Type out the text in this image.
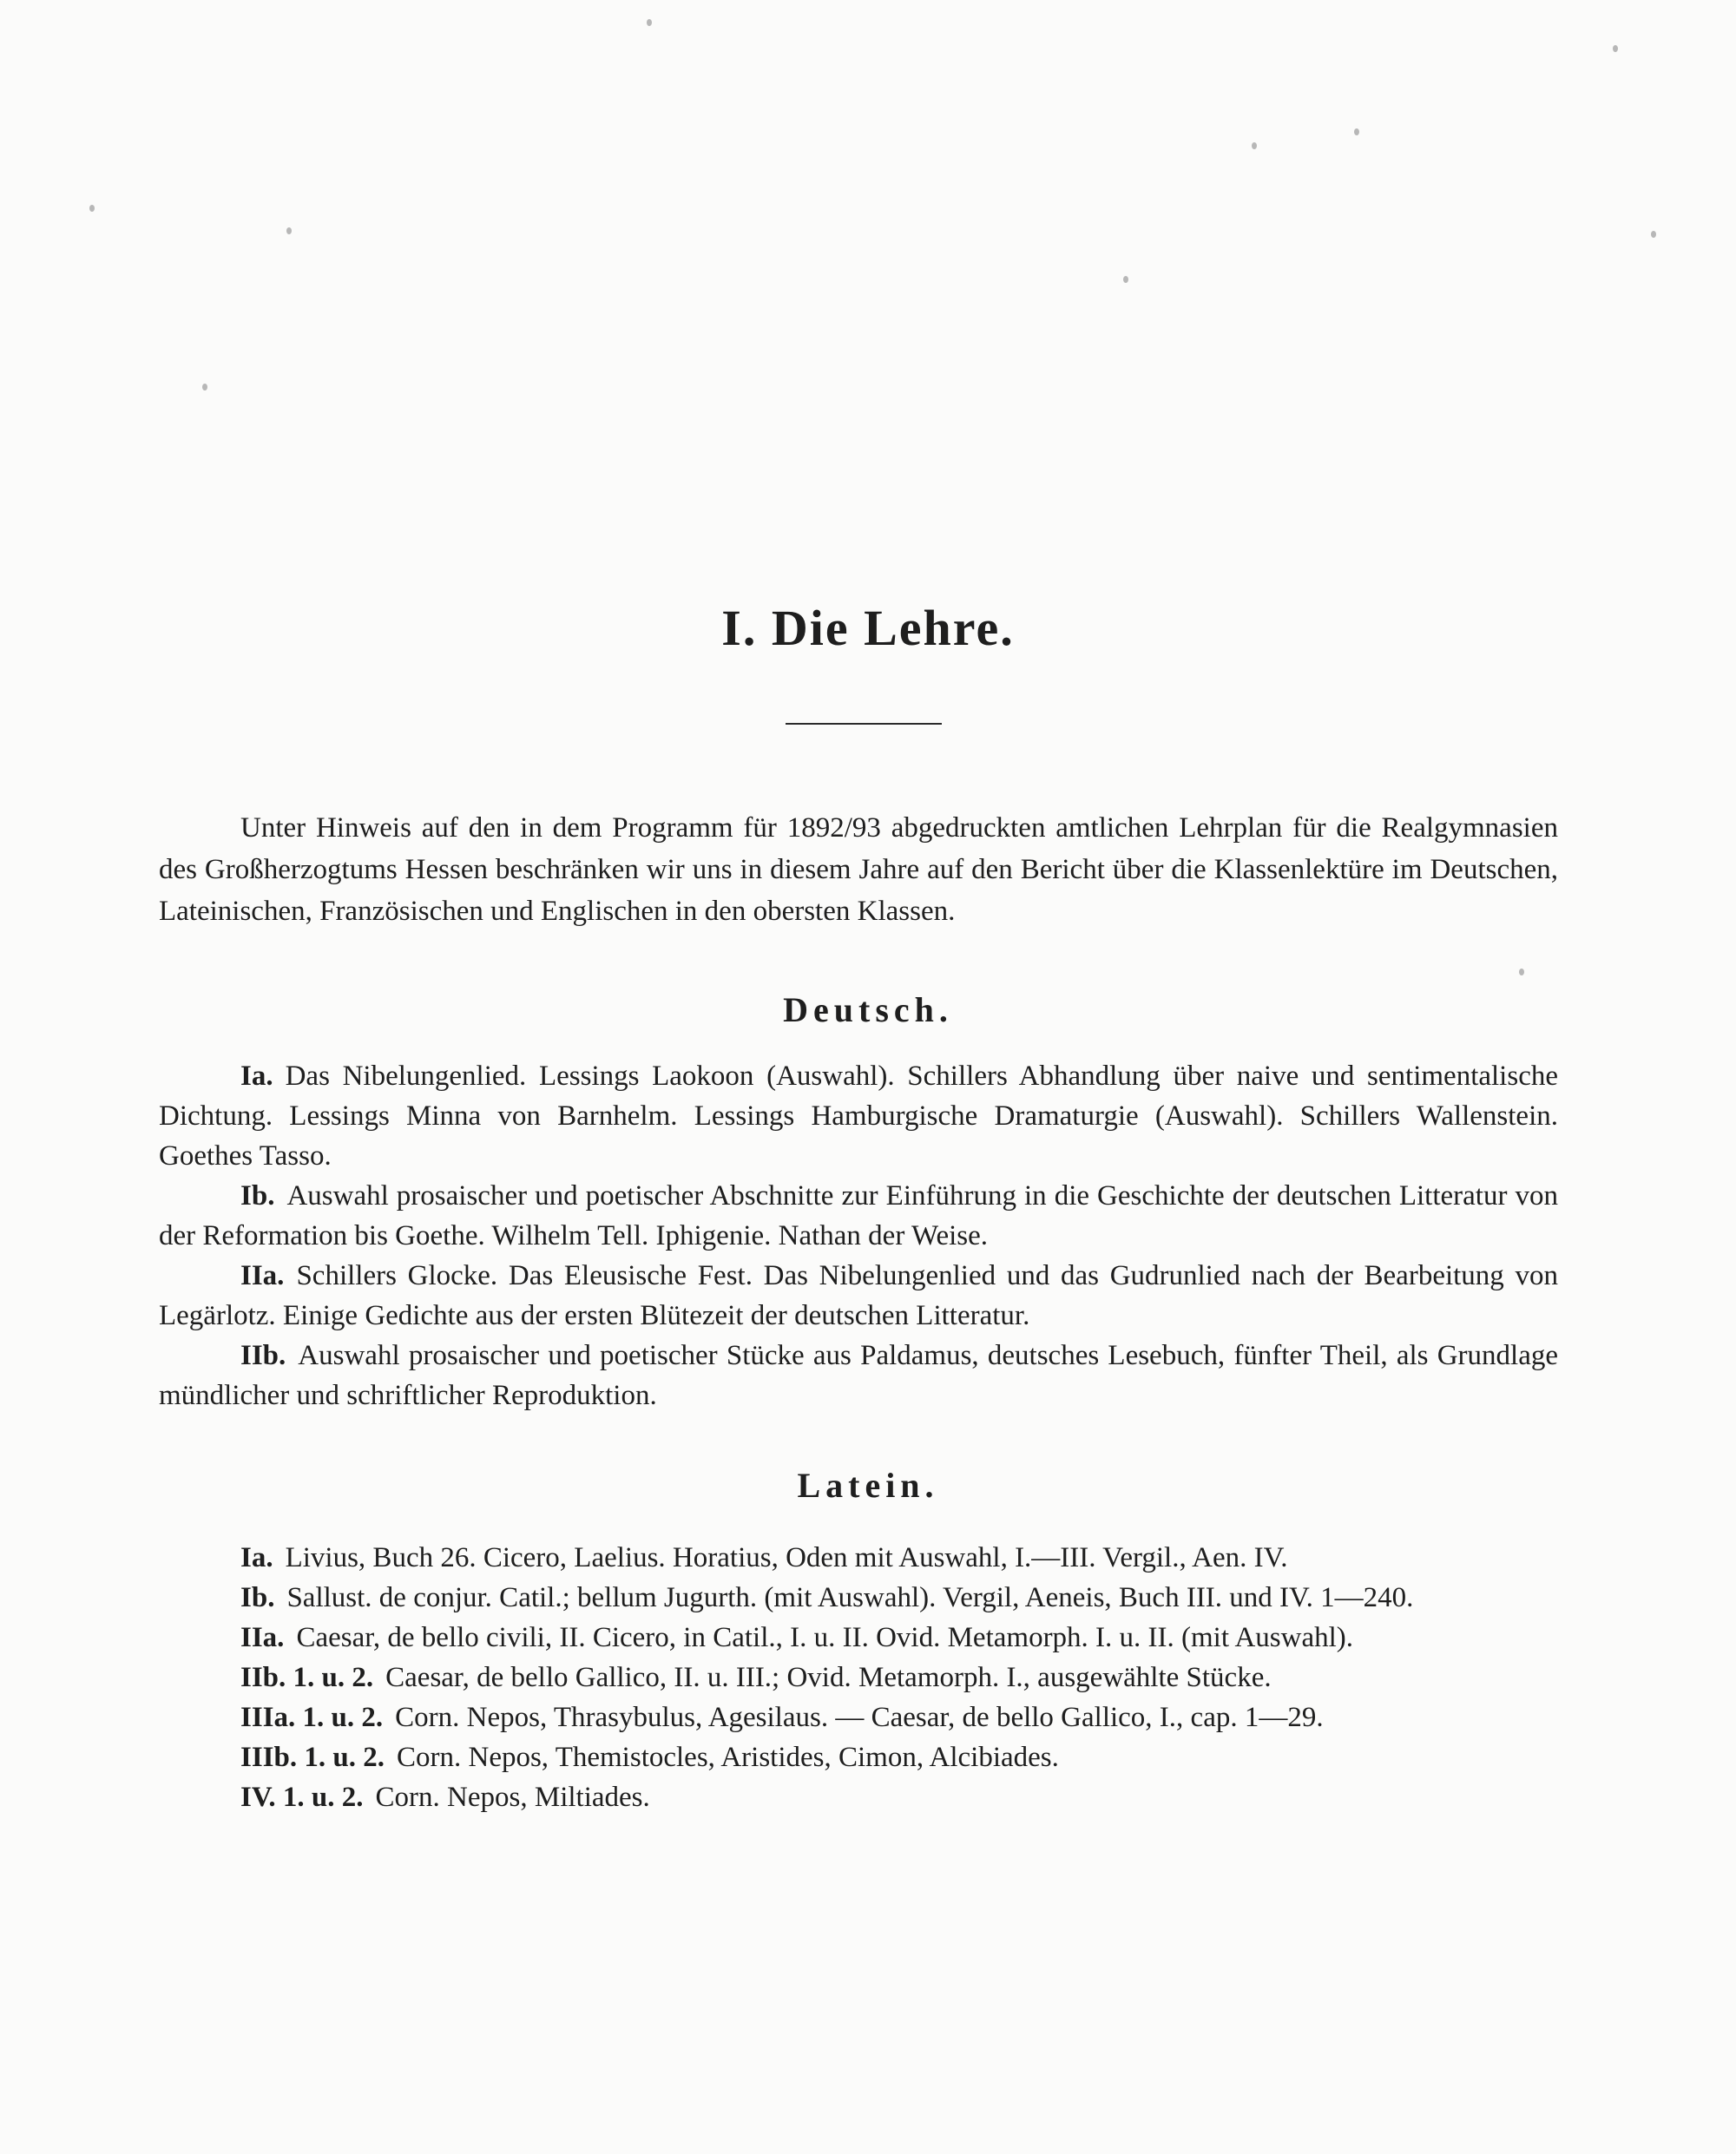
I. Die Lehre.

Unter Hinweis auf den in dem Programm für 1892/93 abgedruckten amtlichen Lehrplan für die Realgymnasien des Großherzogtums Hessen beschränken wir uns in diesem Jahre auf den Bericht über die Klassenlektüre im Deutschen, Lateinischen, Französischen und Englischen in den obersten Klassen.

Deutsch.

Ia. Das Nibelungenlied. Lessings Laokoon (Auswahl). Schillers Abhandlung über naive und sentimentalische Dichtung. Lessings Minna von Barnhelm. Lessings Hamburgische Dramaturgie (Auswahl). Schillers Wallenstein. Goethes Tasso.

Ib. Auswahl prosaischer und poetischer Abschnitte zur Einführung in die Geschichte der deutschen Litteratur von der Reformation bis Goethe. Wilhelm Tell. Iphigenie. Nathan der Weise.

IIa. Schillers Glocke. Das Eleusische Fest. Das Nibelungenlied und das Gudrunlied nach der Bearbeitung von Legärlotz. Einige Gedichte aus der ersten Blütezeit der deutschen Litteratur.

IIb. Auswahl prosaischer und poetischer Stücke aus Paldamus, deutsches Lesebuch, fünfter Theil, als Grundlage mündlicher und schriftlicher Reproduktion.

Latein.

Ia. Livius, Buch 26. Cicero, Laelius. Horatius, Oden mit Auswahl, I.—III. Vergil., Aen. IV.

Ib. Sallust. de conjur. Catil.; bellum Jugurth. (mit Auswahl). Vergil, Aeneis, Buch III. und IV. 1—240.

IIa. Caesar, de bello civili, II. Cicero, in Catil., I. u. II. Ovid. Metamorph. I. u. II. (mit Auswahl).

IIb. 1. u. 2. Caesar, de bello Gallico, II. u. III.; Ovid. Metamorph. I., ausgewählte Stücke.

IIIa. 1. u. 2. Corn. Nepos, Thrasybulus, Agesilaus. — Caesar, de bello Gallico, I., cap. 1—29.

IIIb. 1. u. 2. Corn. Nepos, Themistocles, Aristides, Cimon, Alcibiades.

IV. 1. u. 2. Corn. Nepos, Miltiades.
